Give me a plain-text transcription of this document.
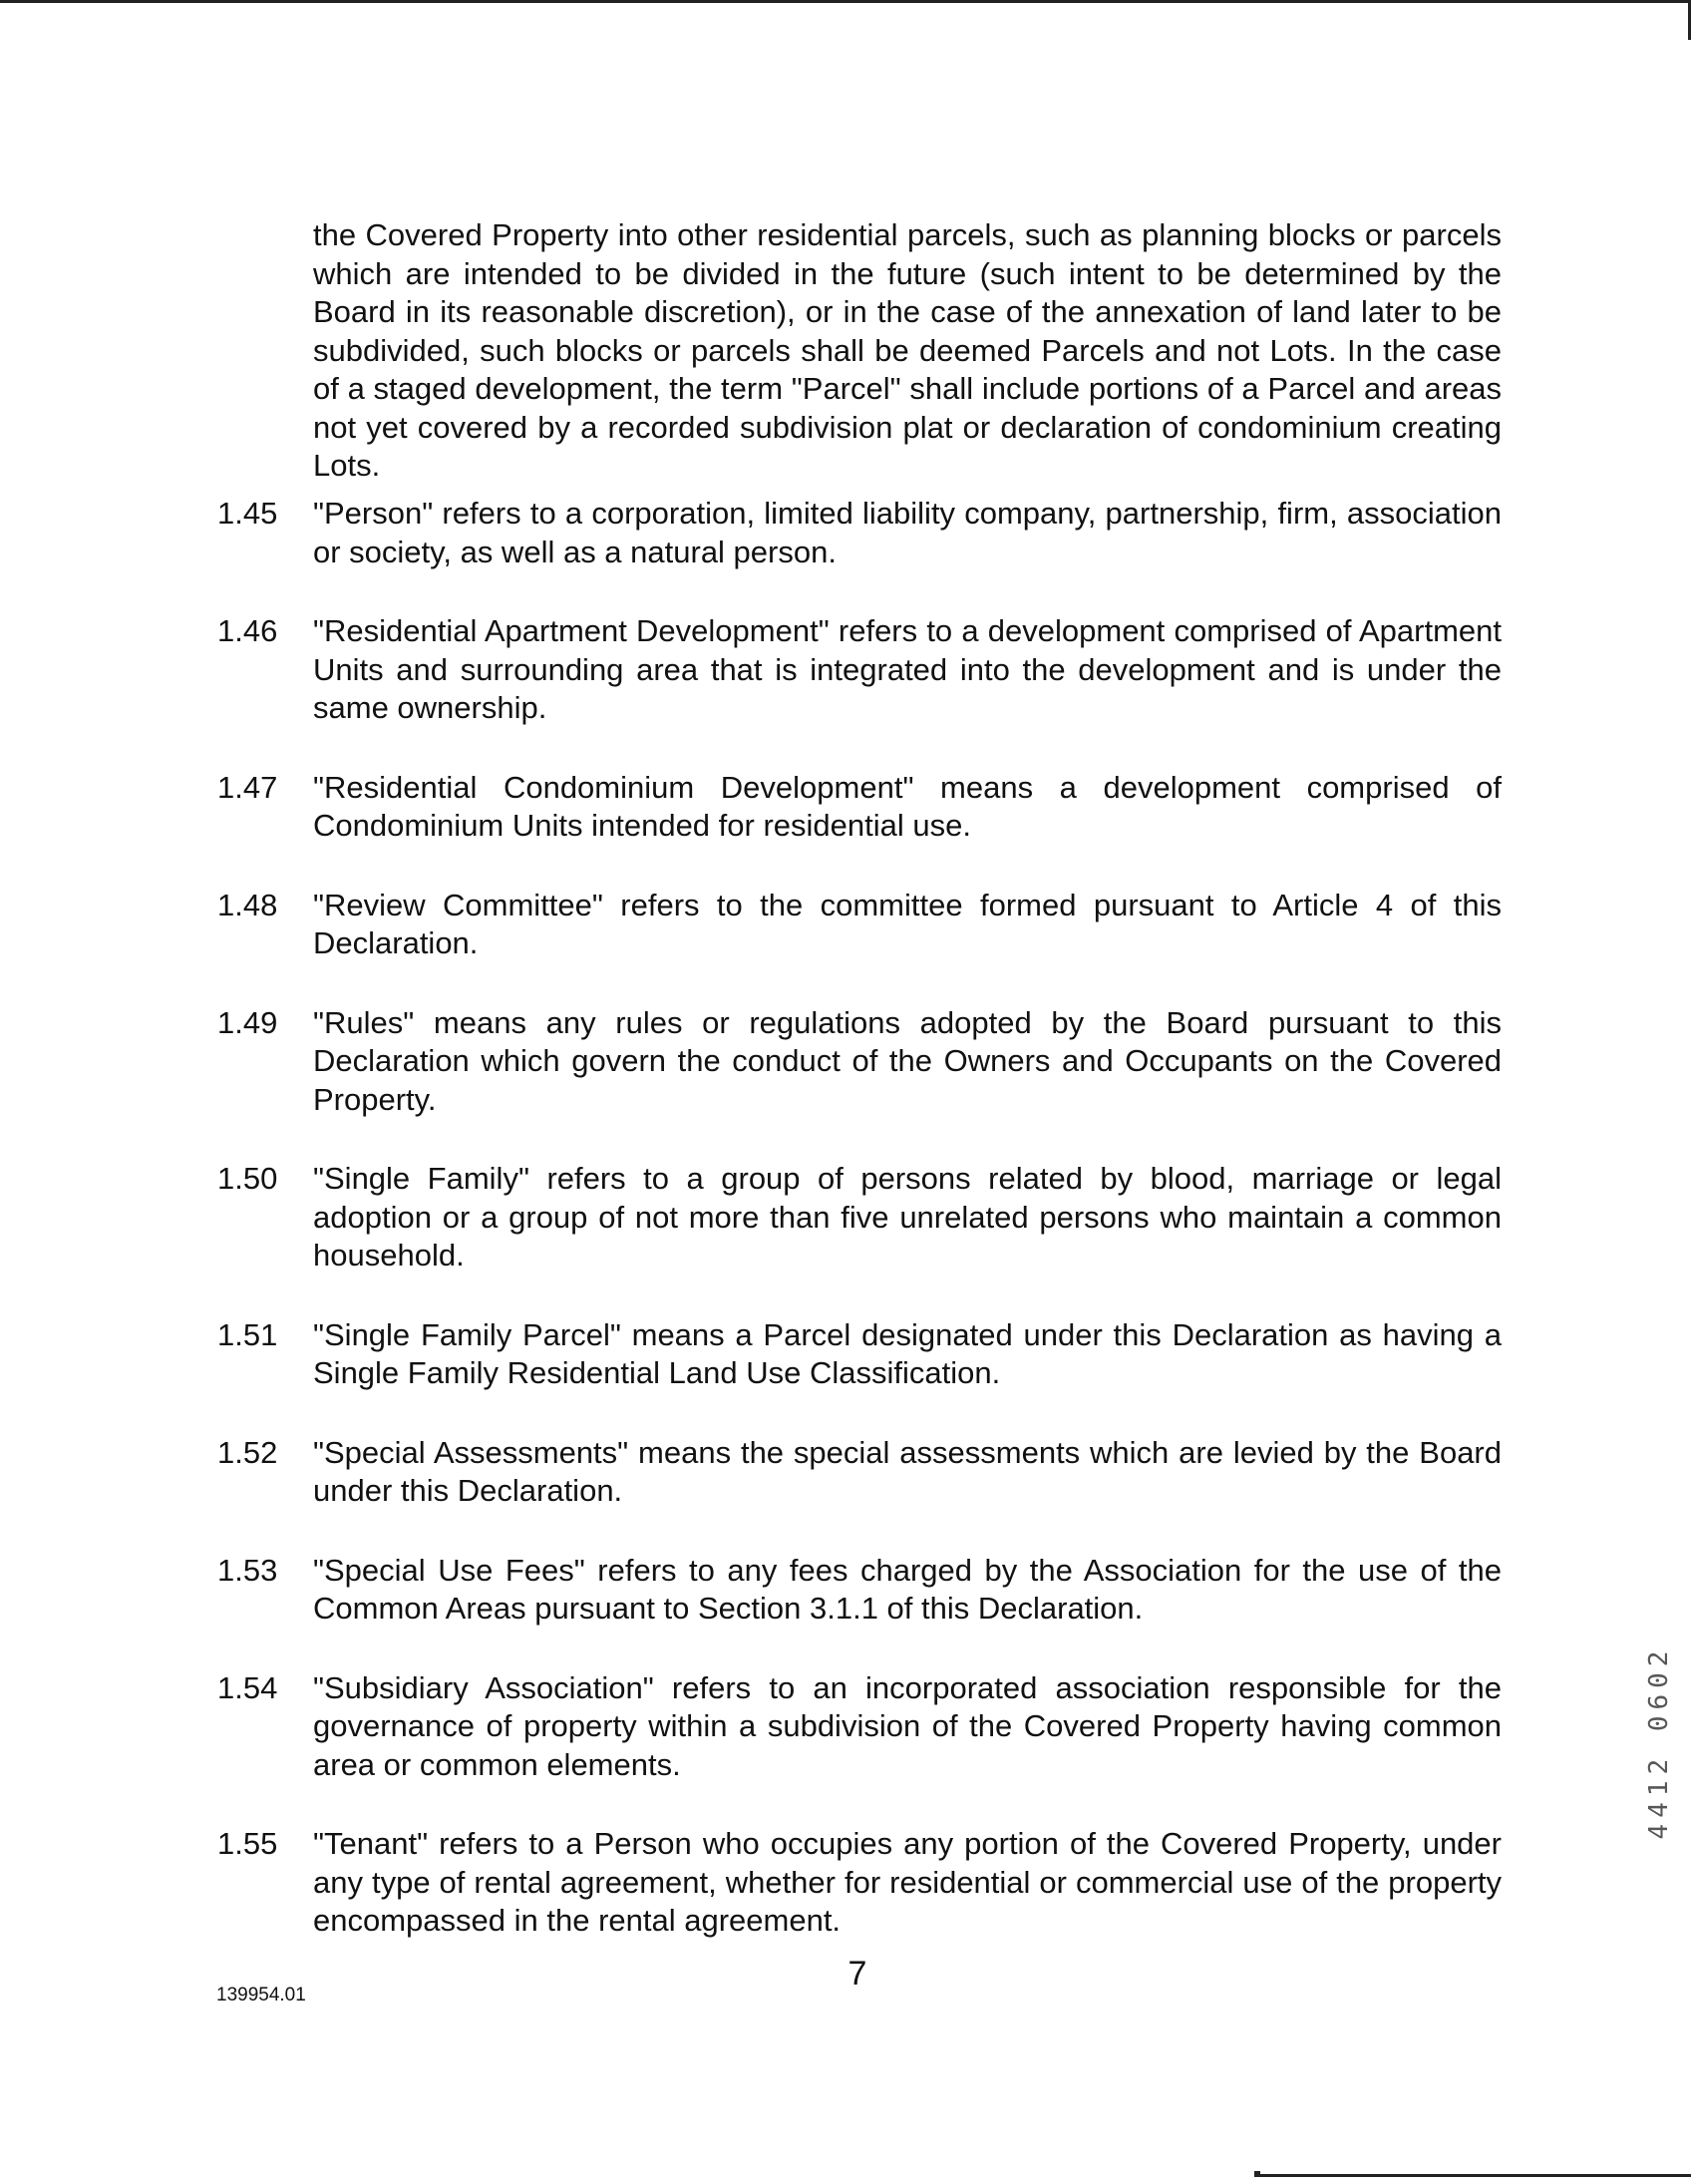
the Covered Property into other residential parcels, such as planning blocks or parcels which are intended to be divided in the future (such intent to be determined by the Board in its reasonable discretion), or in the case of the annexation of land later to be subdivided, such blocks or parcels shall be deemed Parcels and not Lots. In the case of a staged development, the term "Parcel" shall include portions of a Parcel and areas not yet covered by a recorded subdivision plat or declaration of condominium creating Lots.

1.45 "Person" refers to a corporation, limited liability company, partnership, firm, association or society, as well as a natural person.
1.46 "Residential Apartment Development" refers to a development comprised of Apartment Units and surrounding area that is integrated into the development and is under the same ownership.
1.47 "Residential Condominium Development" means a development comprised of Condominium Units intended for residential use.
1.48 "Review Committee" refers to the committee formed pursuant to Article 4 of this Declaration.
1.49 "Rules" means any rules or regulations adopted by the Board pursuant to this Declaration which govern the conduct of the Owners and Occupants on the Covered Property.
1.50 "Single Family" refers to a group of persons related by blood, marriage or legal adoption or a group of not more than five unrelated persons who maintain a common household.
1.51 "Single Family Parcel" means a Parcel designated under this Declaration as having a Single Family Residential Land Use Classification.
1.52 "Special Assessments" means the special assessments which are levied by the Board under this Declaration.
1.53 "Special Use Fees" refers to any fees charged by the Association for the use of the Common Areas pursuant to Section 3.1.1 of this Declaration.
1.54 "Subsidiary Association" refers to an incorporated association responsible for the governance of property within a subdivision of the Covered Property having common area or common elements.
1.55 "Tenant" refers to a Person who occupies any portion of the Covered Property, under any type of rental agreement, whether for residential or commercial use of the property encompassed in the rental agreement.
139954.01
7
4412 0602
